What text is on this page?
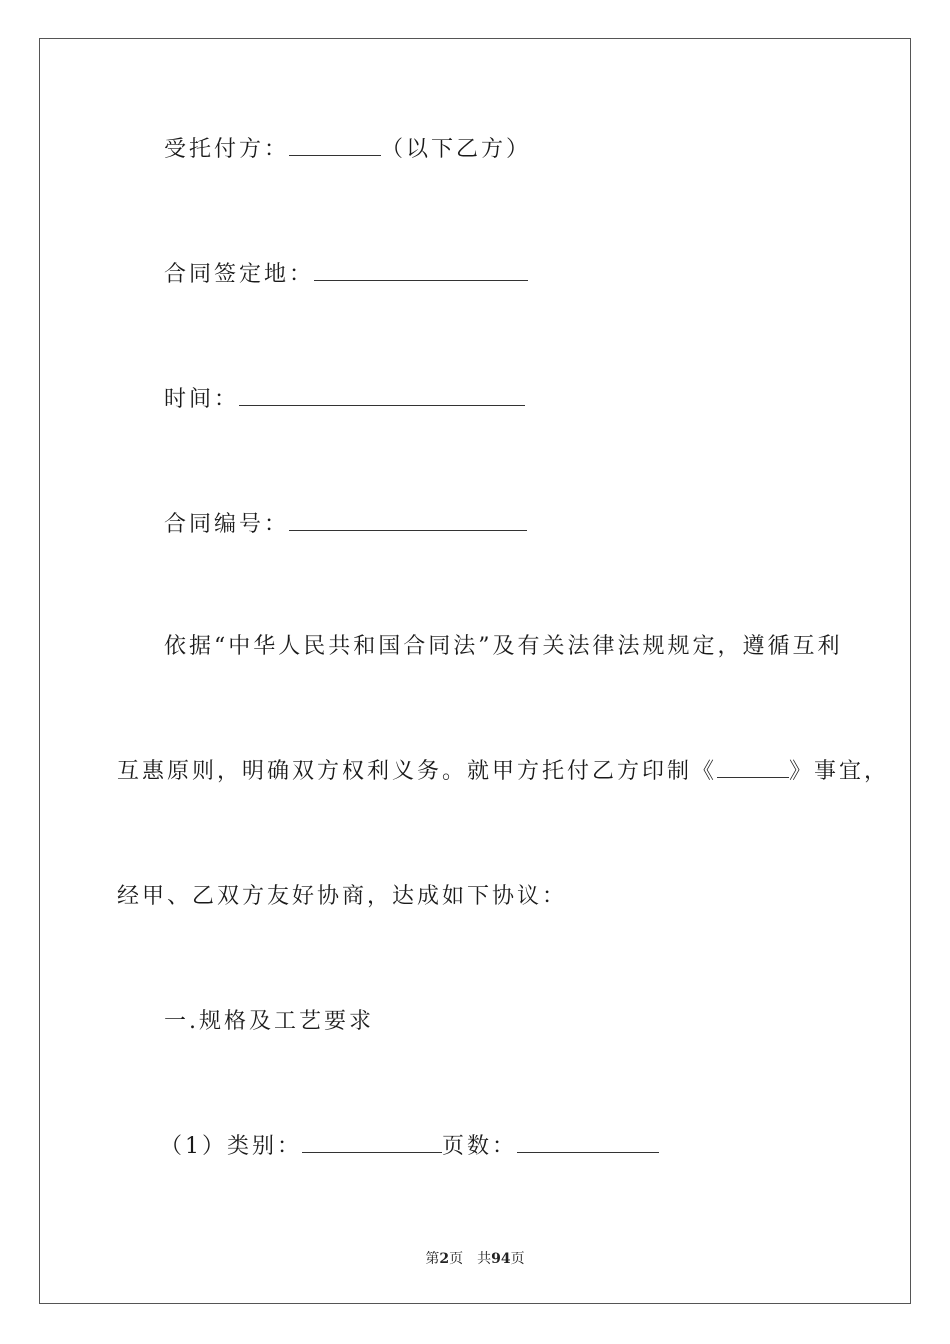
受托付方：	（以下乙方）
合同签定地：
时间：
合同编号：
依据“中华人民共和国合同法”及有关法律法规规定，遵循互利
互惠原则，明确双方权利义务。就甲方托付乙方印制《	》事宜，
经甲、乙双方友好协商，达成如下协议：
一.规格及工艺要求
（1）类别：	页数：
第2页　共94页
